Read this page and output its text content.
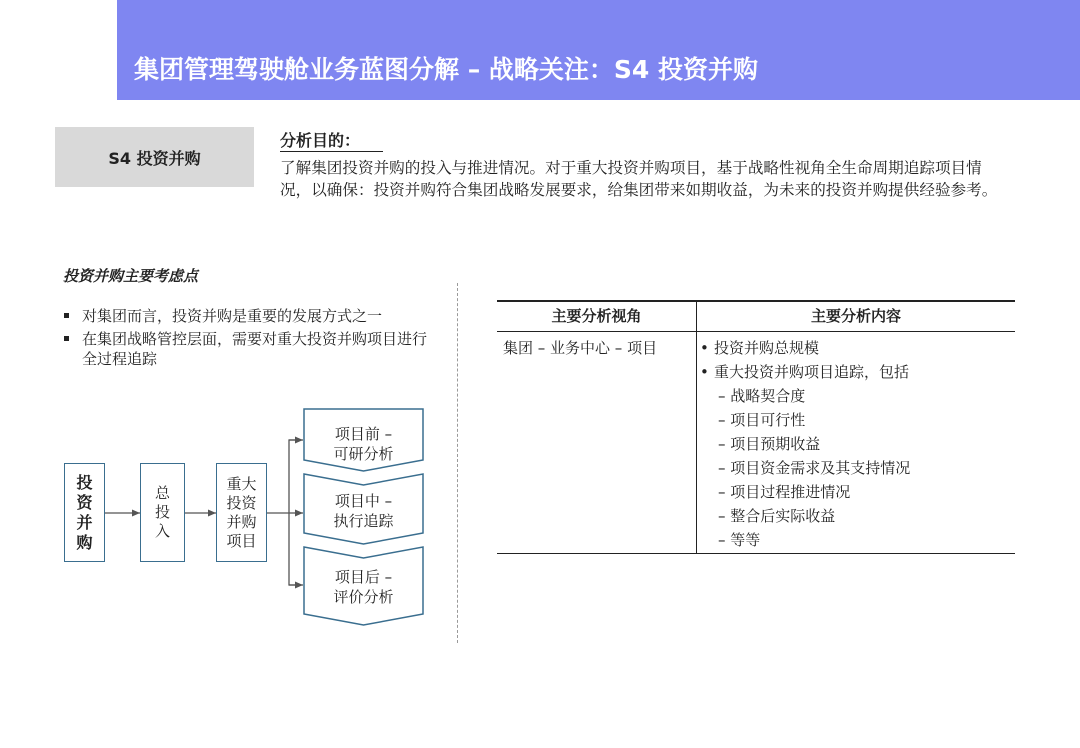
集团管理驾驶舱业务蓝图分解 – 战略关注：S4 投资并购
S4 投资并购
分析目的：
了解集团投资并购的投入与推进情况。对于重大投资并购项目，基于战略性视角全生命周期追踪项目情况，以确保：投资并购符合集团战略发展要求，给集团带来如期收益，为未来的投资并购提供经验参考。
投资并购主要考虑点
对集团而言，投资并购是重要的发展方式之一
在集团战略管控层面，需要对重大投资并购项目进行全过程追踪
投资并购
总投入
重大投资并购项目
项目前 –
可研分析
项目中 –
执行追踪
项目后 –
评价分析
主要分析视角	主要分析内容
集团 – 业务中心 – 项目
•	投资并购总规模
• 重大投资并购项目追踪，包括
– 战略契合度
– 项目可行性
– 项目预期收益
– 项目资金需求及其支持情况
– 项目过程推进情况
– 整合后实际收益
– 等等
